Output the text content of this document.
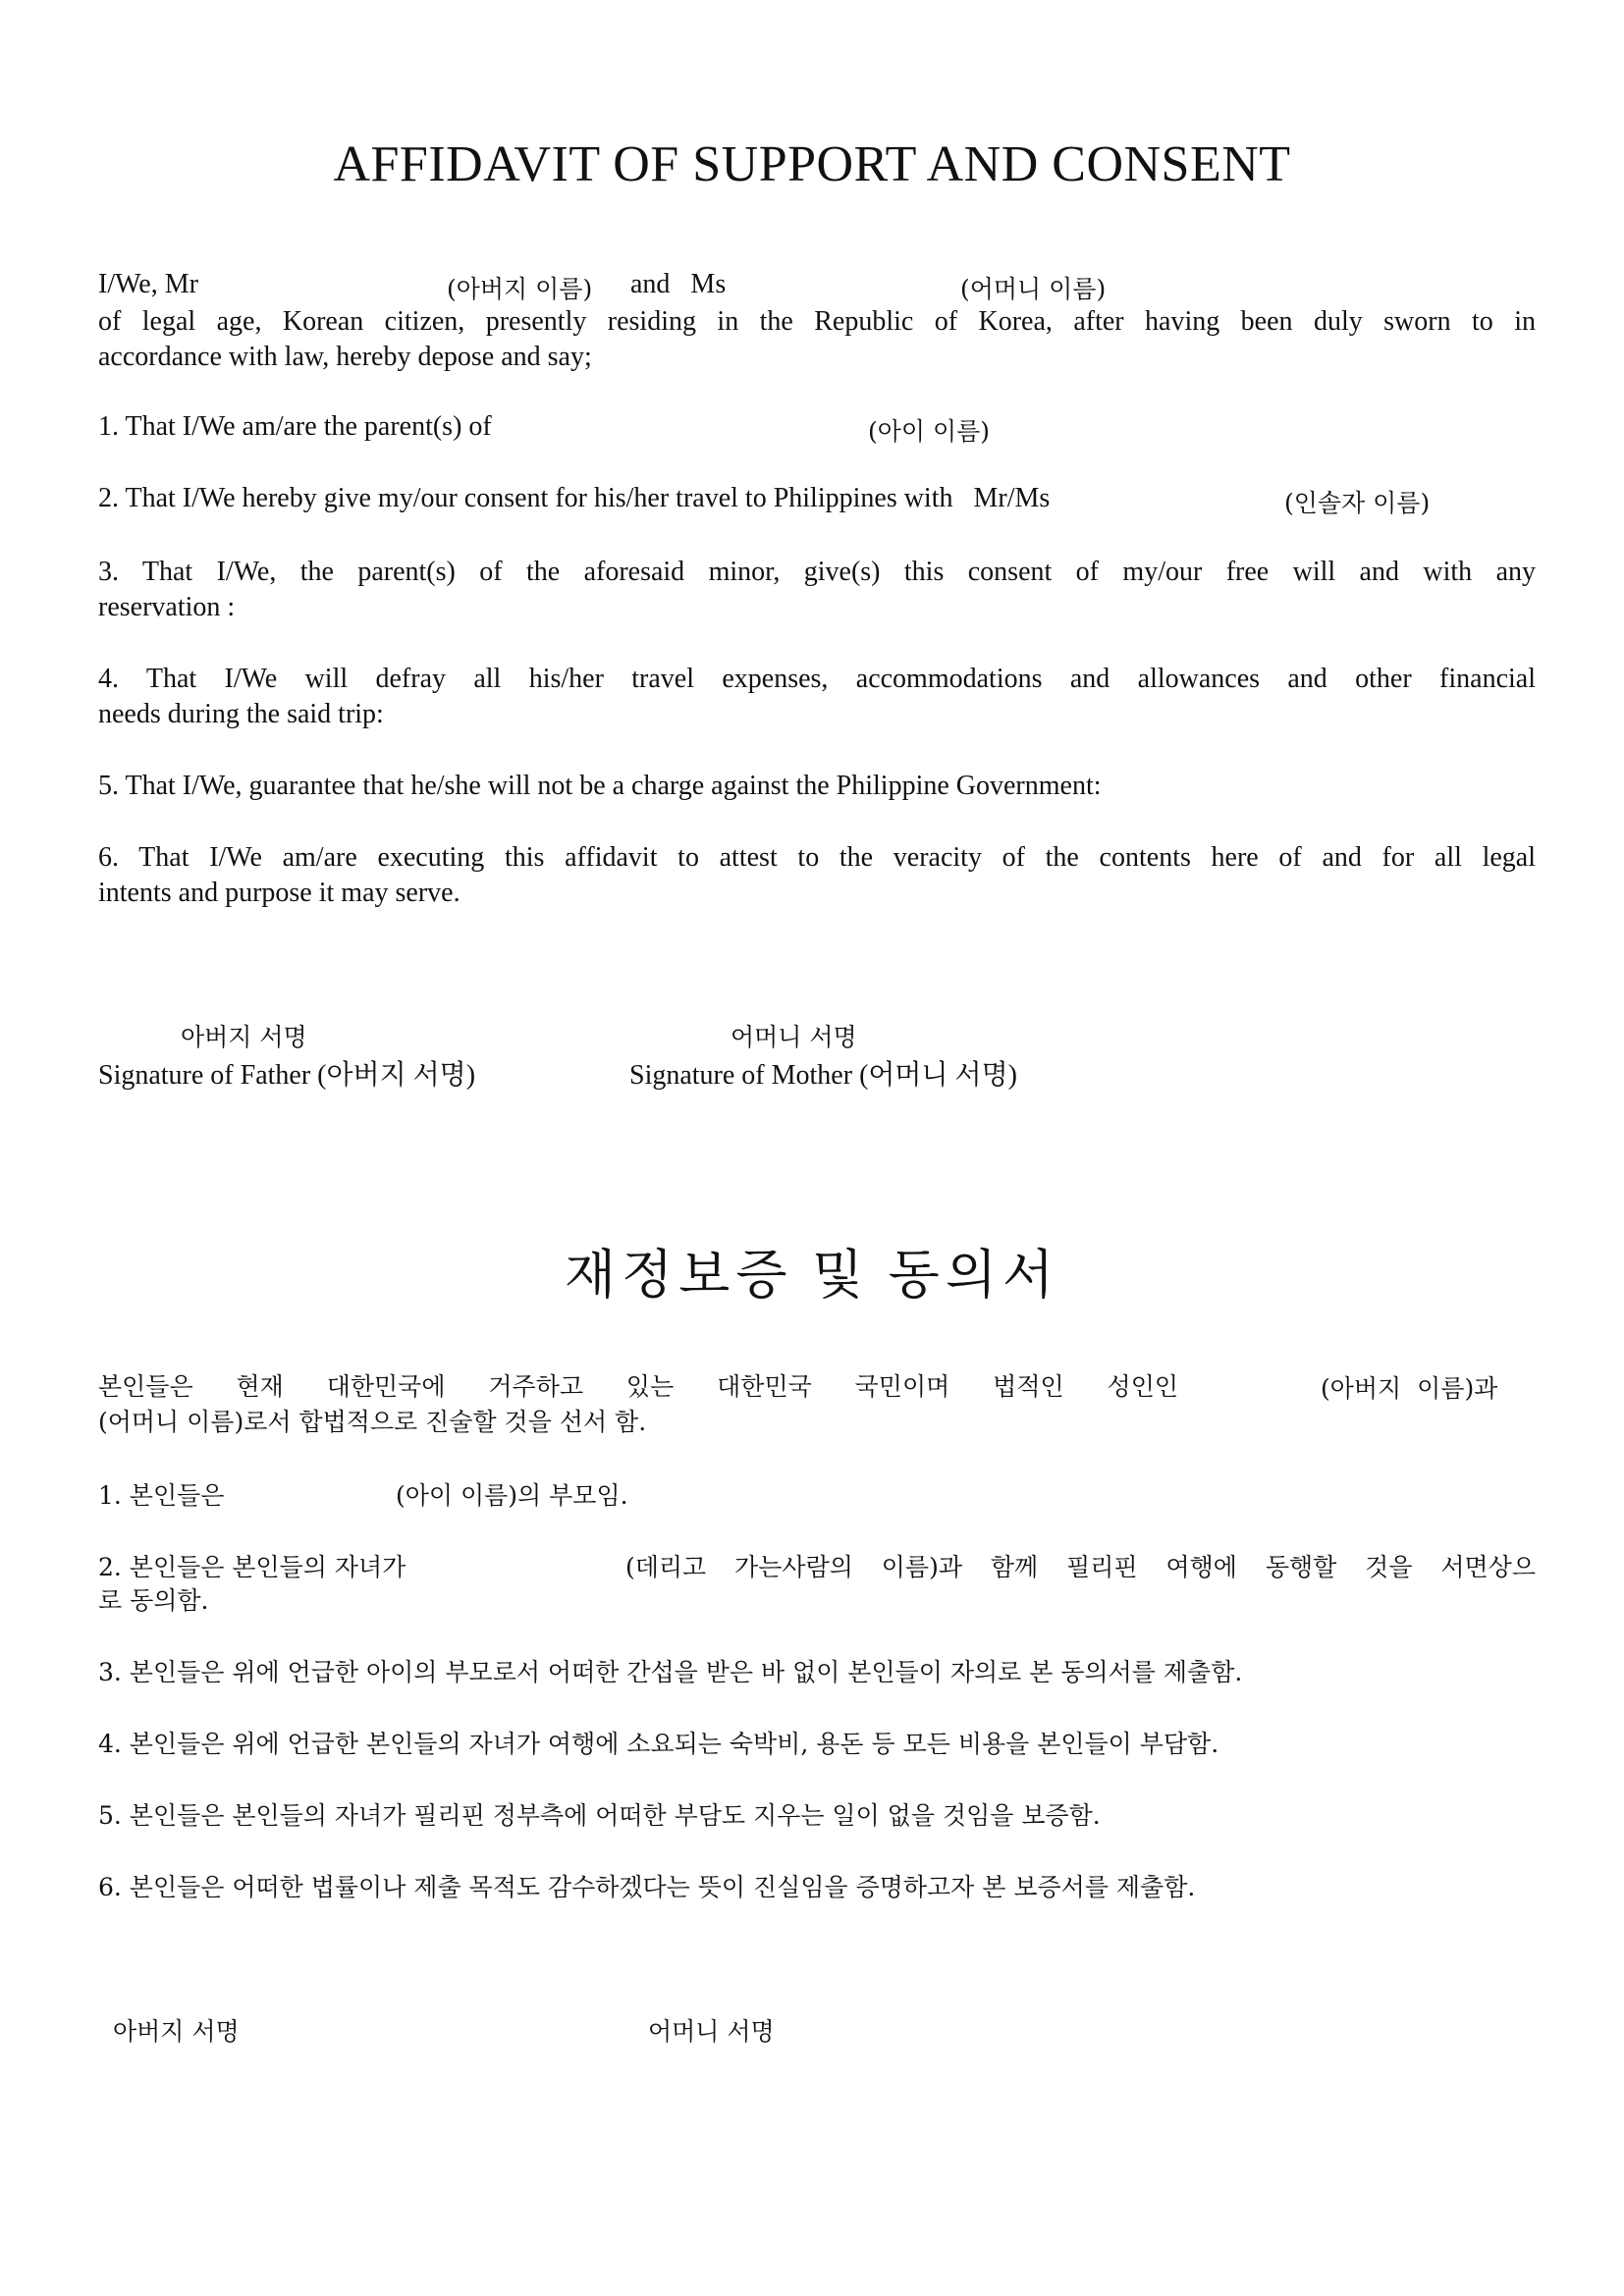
AFFIDAVIT OF SUPPORT AND CONSENT
I/We, Mr	(아버지 이름) and   Ms	(어머니 이름)
of legal age, Korean citizen, presently residing in the Republic of Korea, after having been duly sworn to in
accordance with law, hereby depose and say;
1. That I/We am/are the parent(s) of	(아이 이름)
2. That I/We hereby give my/our consent for his/her travel to Philippines with   Mr/Ms	(인솔자 이름)
3. That I/We, the parent(s) of the aforesaid minor, give(s) this consent of my/our free will and with any
reservation :
4. That I/We will defray all his/her travel expenses, accommodations and allowances and other financial
needs during the said trip:
5. That I/We, guarantee that he/she will not be a charge against the Philippine Government:
6. That I/We am/are executing this affidavit to attest to the veracity of the contents here of and for all legal
intents and purpose it may serve.
아버지 서명	어머니 서명
Signature of Father (아버지 서명)	Signature of Mother (어머니 서명)
재정보증 및 동의서
본인들은 현재 대한민국에 거주하고 있는 대한민국 국민이며 법적인 성인인	(아버지 이름)과
(어머니 이름)로서 합법적으로 진술할 것을 선서 함.
1. 본인들은	(아이 이름)의 부모임.
2. 본인들은 본인들의 자녀가	(데리고 가는사람의 이름)과 함께 필리핀 여행에 동행할 것을 서면상으
로 동의함.
3. 본인들은 위에 언급한 아이의 부모로서 어떠한 간섭을 받은 바 없이 본인들이 자의로 본 동의서를 제출함.
4. 본인들은 위에 언급한 본인들의 자녀가 여행에 소요되는 숙박비, 용돈 등 모든 비용을 본인들이 부담함.
5. 본인들은 본인들의 자녀가 필리핀 정부측에 어떠한 부담도 지우는 일이 없을 것임을 보증함.
6. 본인들은 어떠한 법률이나 제출 목적도 감수하겠다는 뜻이 진실임을 증명하고자 본 보증서를 제출함.
아버지 서명	어머니 서명
